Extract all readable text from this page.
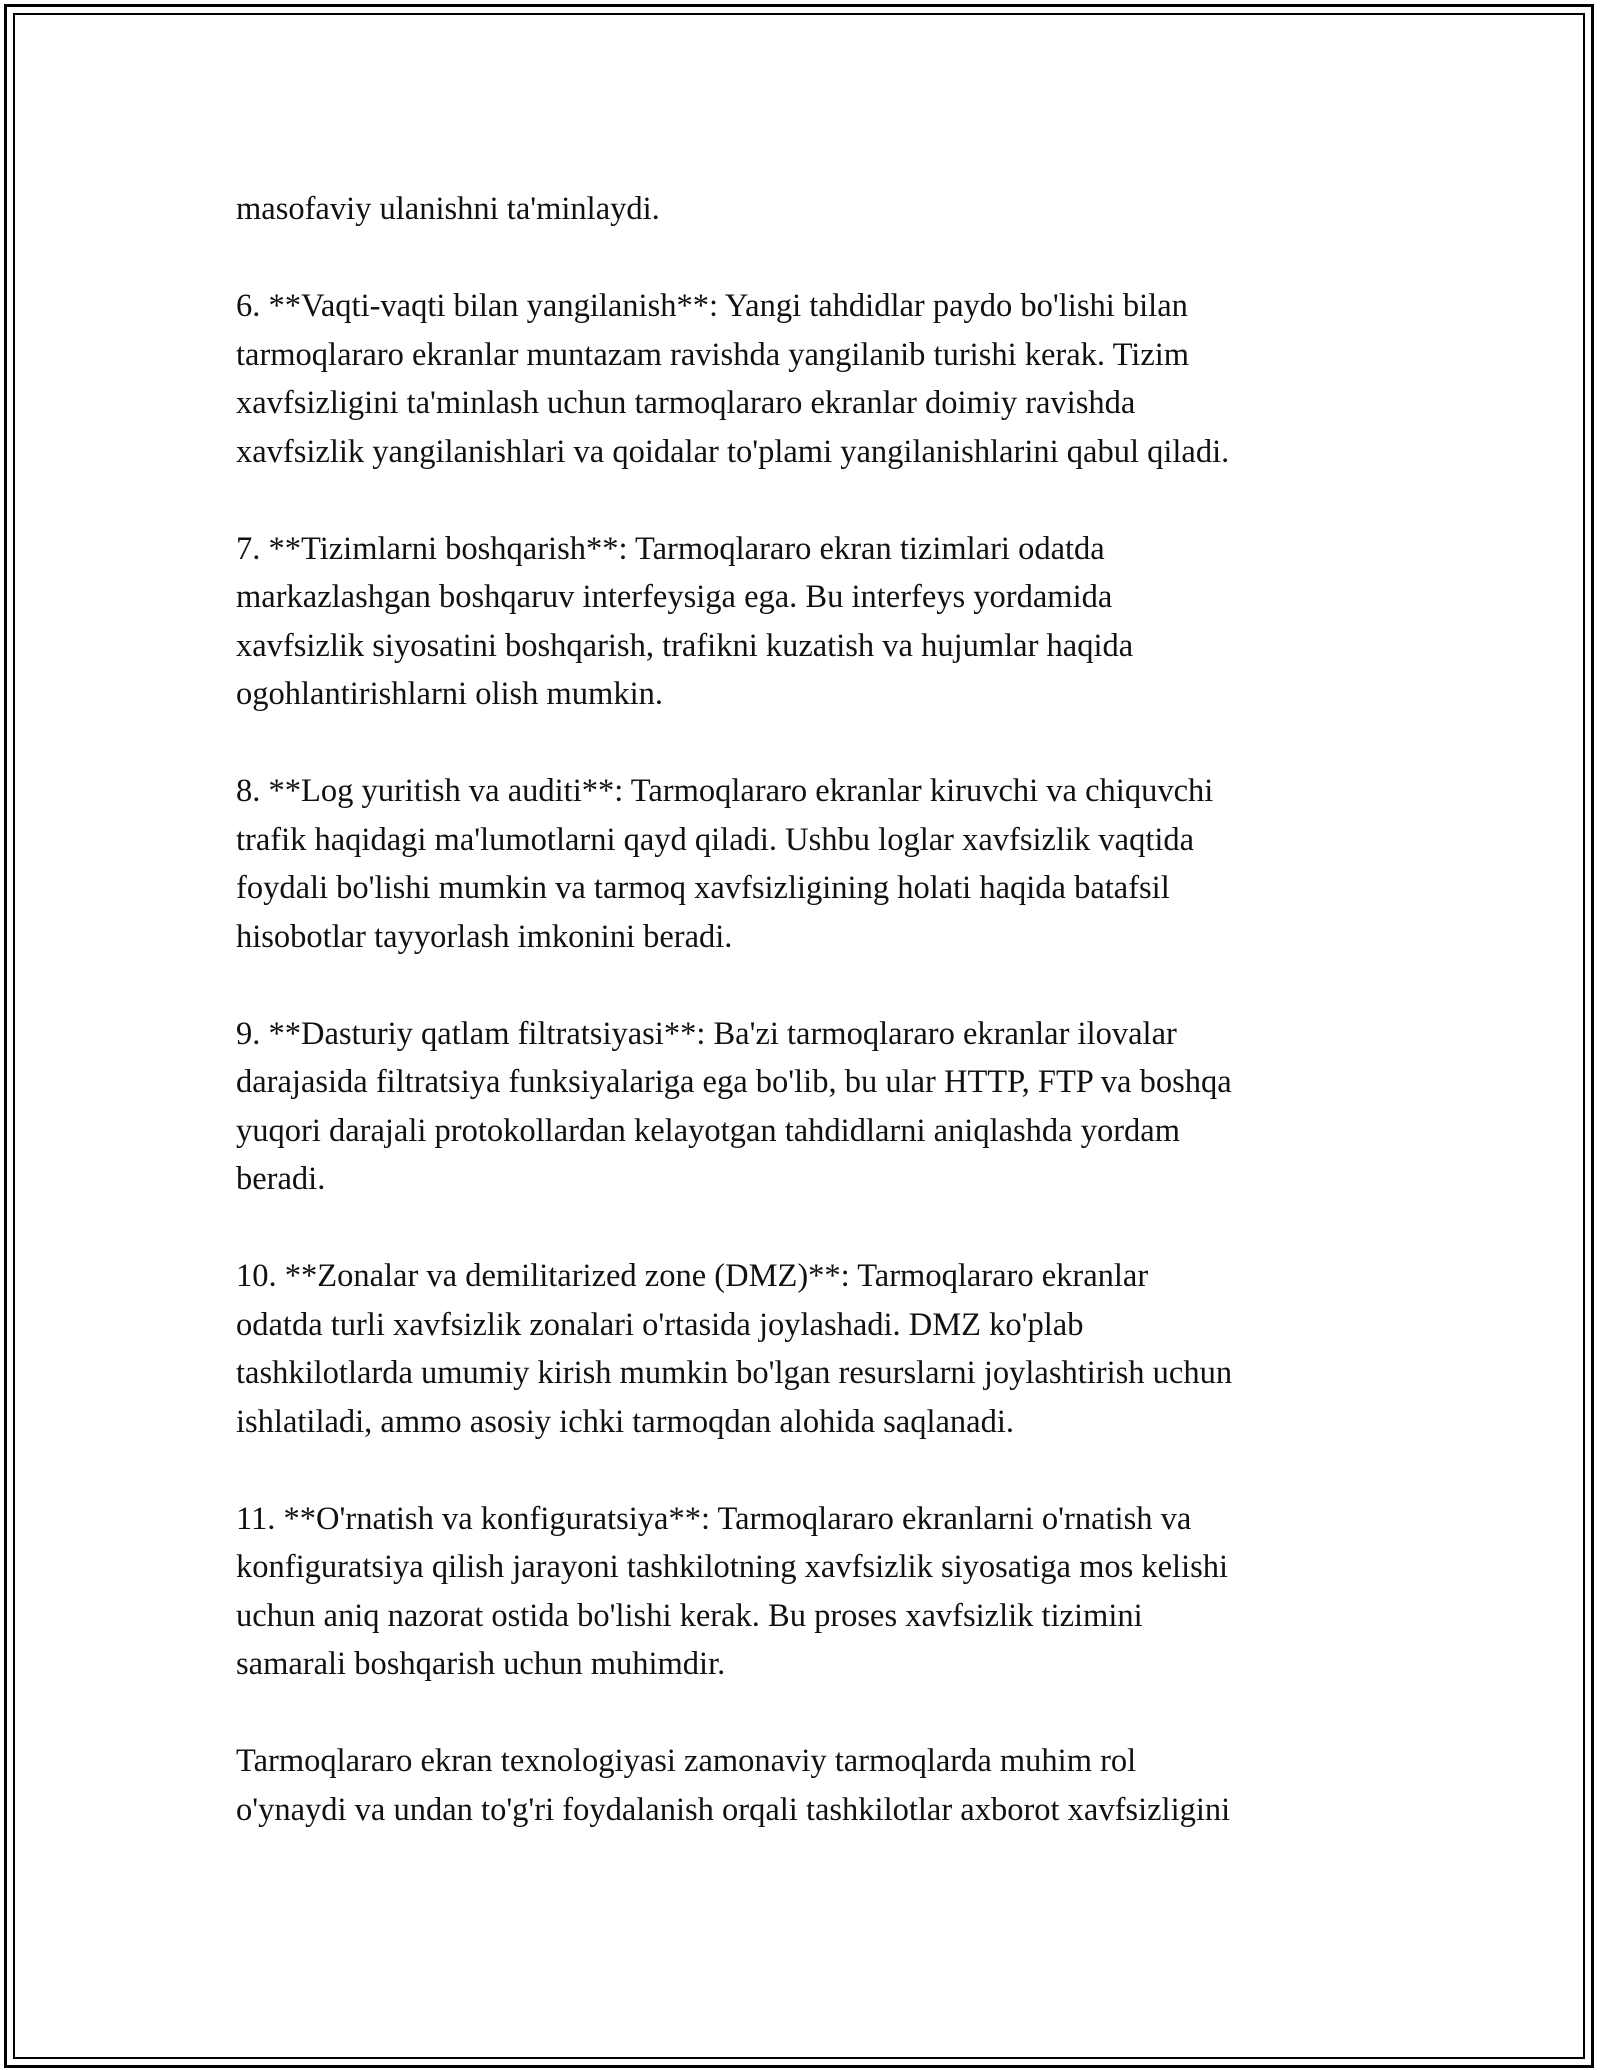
masofaviy ulanishni ta'minlaydi.

6. **Vaqti-vaqti bilan yangilanish**: Yangi tahdidlar paydo bo'lishi bilan
tarmoqlararo ekranlar muntazam ravishda yangilanib turishi kerak. Tizim
xavfsizligini ta'minlash uchun tarmoqlararo ekranlar doimiy ravishda
xavfsizlik yangilanishlari va qoidalar to'plami yangilanishlarini qabul qiladi.

7. **Tizimlarni boshqarish**: Tarmoqlararo ekran tizimlari odatda
markazlashgan boshqaruv interfeysiga ega. Bu interfeys yordamida
xavfsizlik siyosatini boshqarish, trafikni kuzatish va hujumlar haqida
ogohlantirishlarni olish mumkin.

8. **Log yuritish va auditi**: Tarmoqlararo ekranlar kiruvchi va chiquvchi
trafik haqidagi ma'lumotlarni qayd qiladi. Ushbu loglar xavfsizlik vaqtida
foydali bo'lishi mumkin va tarmoq xavfsizligining holati haqida batafsil
hisobotlar tayyorlash imkonini beradi.

9. **Dasturiy qatlam filtratsiyasi**: Ba'zi tarmoqlararo ekranlar ilovalar
darajasida filtratsiya funksiyalariga ega bo'lib, bu ular HTTP, FTP va boshqa
yuqori darajali protokollardan kelayotgan tahdidlarni aniqlashda yordam
beradi.

10. **Zonalar va demilitarized zone (DMZ)**: Tarmoqlararo ekranlar
odatda turli xavfsizlik zonalari o'rtasida joylashadi. DMZ ko'plab
tashkilotlarda umumiy kirish mumkin bo'lgan resurslarni joylashtirish uchun
ishlatiladi, ammo asosiy ichki tarmoqdan alohida saqlanadi.

11. **O'rnatish va konfiguratsiya**: Tarmoqlararo ekranlarni o'rnatish va
konfiguratsiya qilish jarayoni tashkilotning xavfsizlik siyosatiga mos kelishi
uchun aniq nazorat ostida bo'lishi kerak. Bu proses xavfsizlik tizimini
samarali boshqarish uchun muhimdir.

Tarmoqlararo ekran texnologiyasi zamonaviy tarmoqlarda muhim rol
o'ynaydi va undan to'g'ri foydalanish orqali tashkilotlar axborot xavfsizligini
